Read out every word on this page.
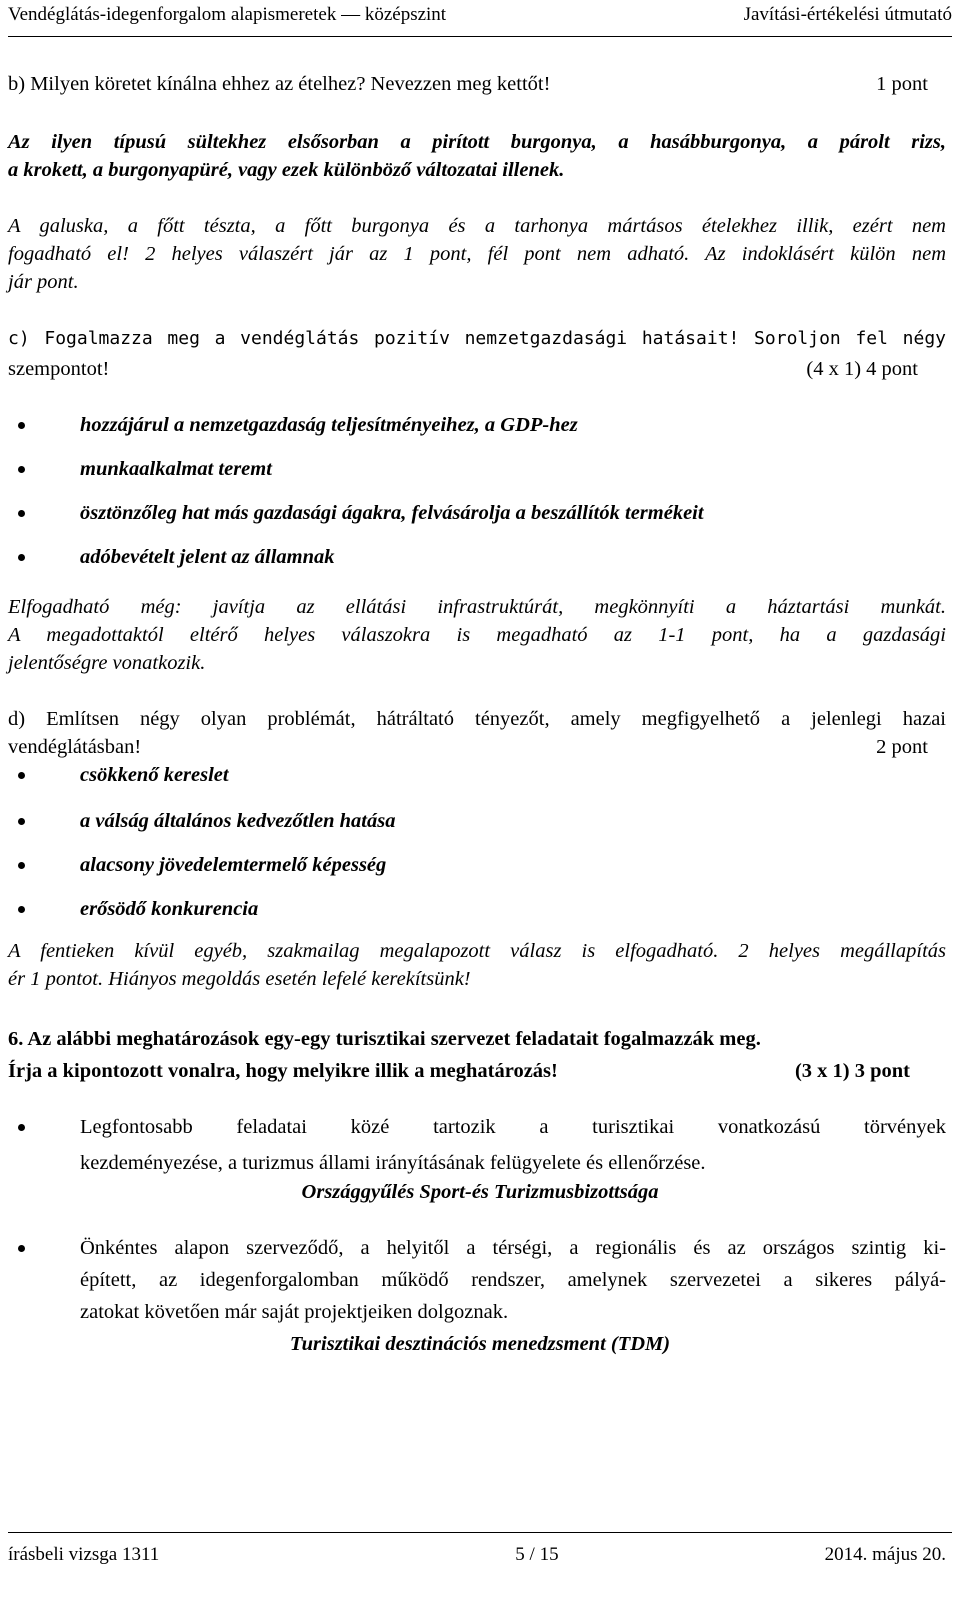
Vendéglátás-idegenforgalom alapismeretek — középszint	Javítási-értékelési útmutató
b) Milyen köretet kínálna ehhez az ételhez? Nevezzen meg kettőt!	1 pont
Az ilyen típusú sültekhez elsősorban a pirított burgonya, a hasábburgonya, a párolt rizs,
a krokett, a burgonyapüré, vagy ezek különböző változatai illenek.
A galuska, a főtt tészta, a főtt burgonya és a tarhonya mártásos ételekhez illik, ezért nem
fogadható el! 2 helyes válaszért jár az 1 pont, fél pont nem adható. Az indoklásért külön nem
jár pont.
c) Fogalmazza meg a vendéglátás pozitív nemzetgazdasági hatásait! Soroljon fel négy
szempontot!	(4 x 1) 4 pont
hozzájárul a nemzetgazdaság teljesítményeihez, a GDP-hez
munkaalkalmat teremt
ösztönzőleg hat más gazdasági ágakra, felvásárolja a beszállítók termékeit
adóbevételt jelent az államnak
Elfogadható még: javítja az ellátási infrastruktúrát, megkönnyíti a háztartási munkát.
A megadottaktól eltérő helyes válaszokra is megadható az 1-1 pont, ha a gazdasági
jelentőségre vonatkozik.
d) Említsen négy olyan problémát, hátráltató tényezőt, amely megfigyelhető a jelenlegi hazai
vendéglátásban!	2 pont
csökkenő kereslet
a válság általános kedvezőtlen hatása
alacsony jövedelemtermelő képesség
erősödő konkurencia
A fentieken kívül egyéb, szakmailag megalapozott válasz is elfogadható. 2 helyes megállapítás
ér 1 pontot. Hiányos megoldás esetén lefelé kerekítsünk!
6. Az alábbi meghatározások egy-egy turisztikai szervezet feladatait fogalmazzák meg.
Írja a kipontozott vonalra, hogy melyikre illik a meghatározás!	(3 x 1) 3 pont
Legfontosabb feladatai közé tartozik a turisztikai vonatkozású törvények
kezdeményezése, a turizmus állami irányításának felügyelete és ellenőrzése.
Országgyűlés Sport-és Turizmusbizottsága
Önkéntes alapon szerveződő, a helyitől a térségi, a regionális és az országos szintig ki-
épített, az idegenforgalomban működő rendszer, amelynek szervezetei a sikeres pályá-
zatokat követően már saját projektjeiken dolgoznak.
Turisztikai desztinációs menedzsment (TDM)
írásbeli vizsga 1311	5 / 15	2014. május 20.
